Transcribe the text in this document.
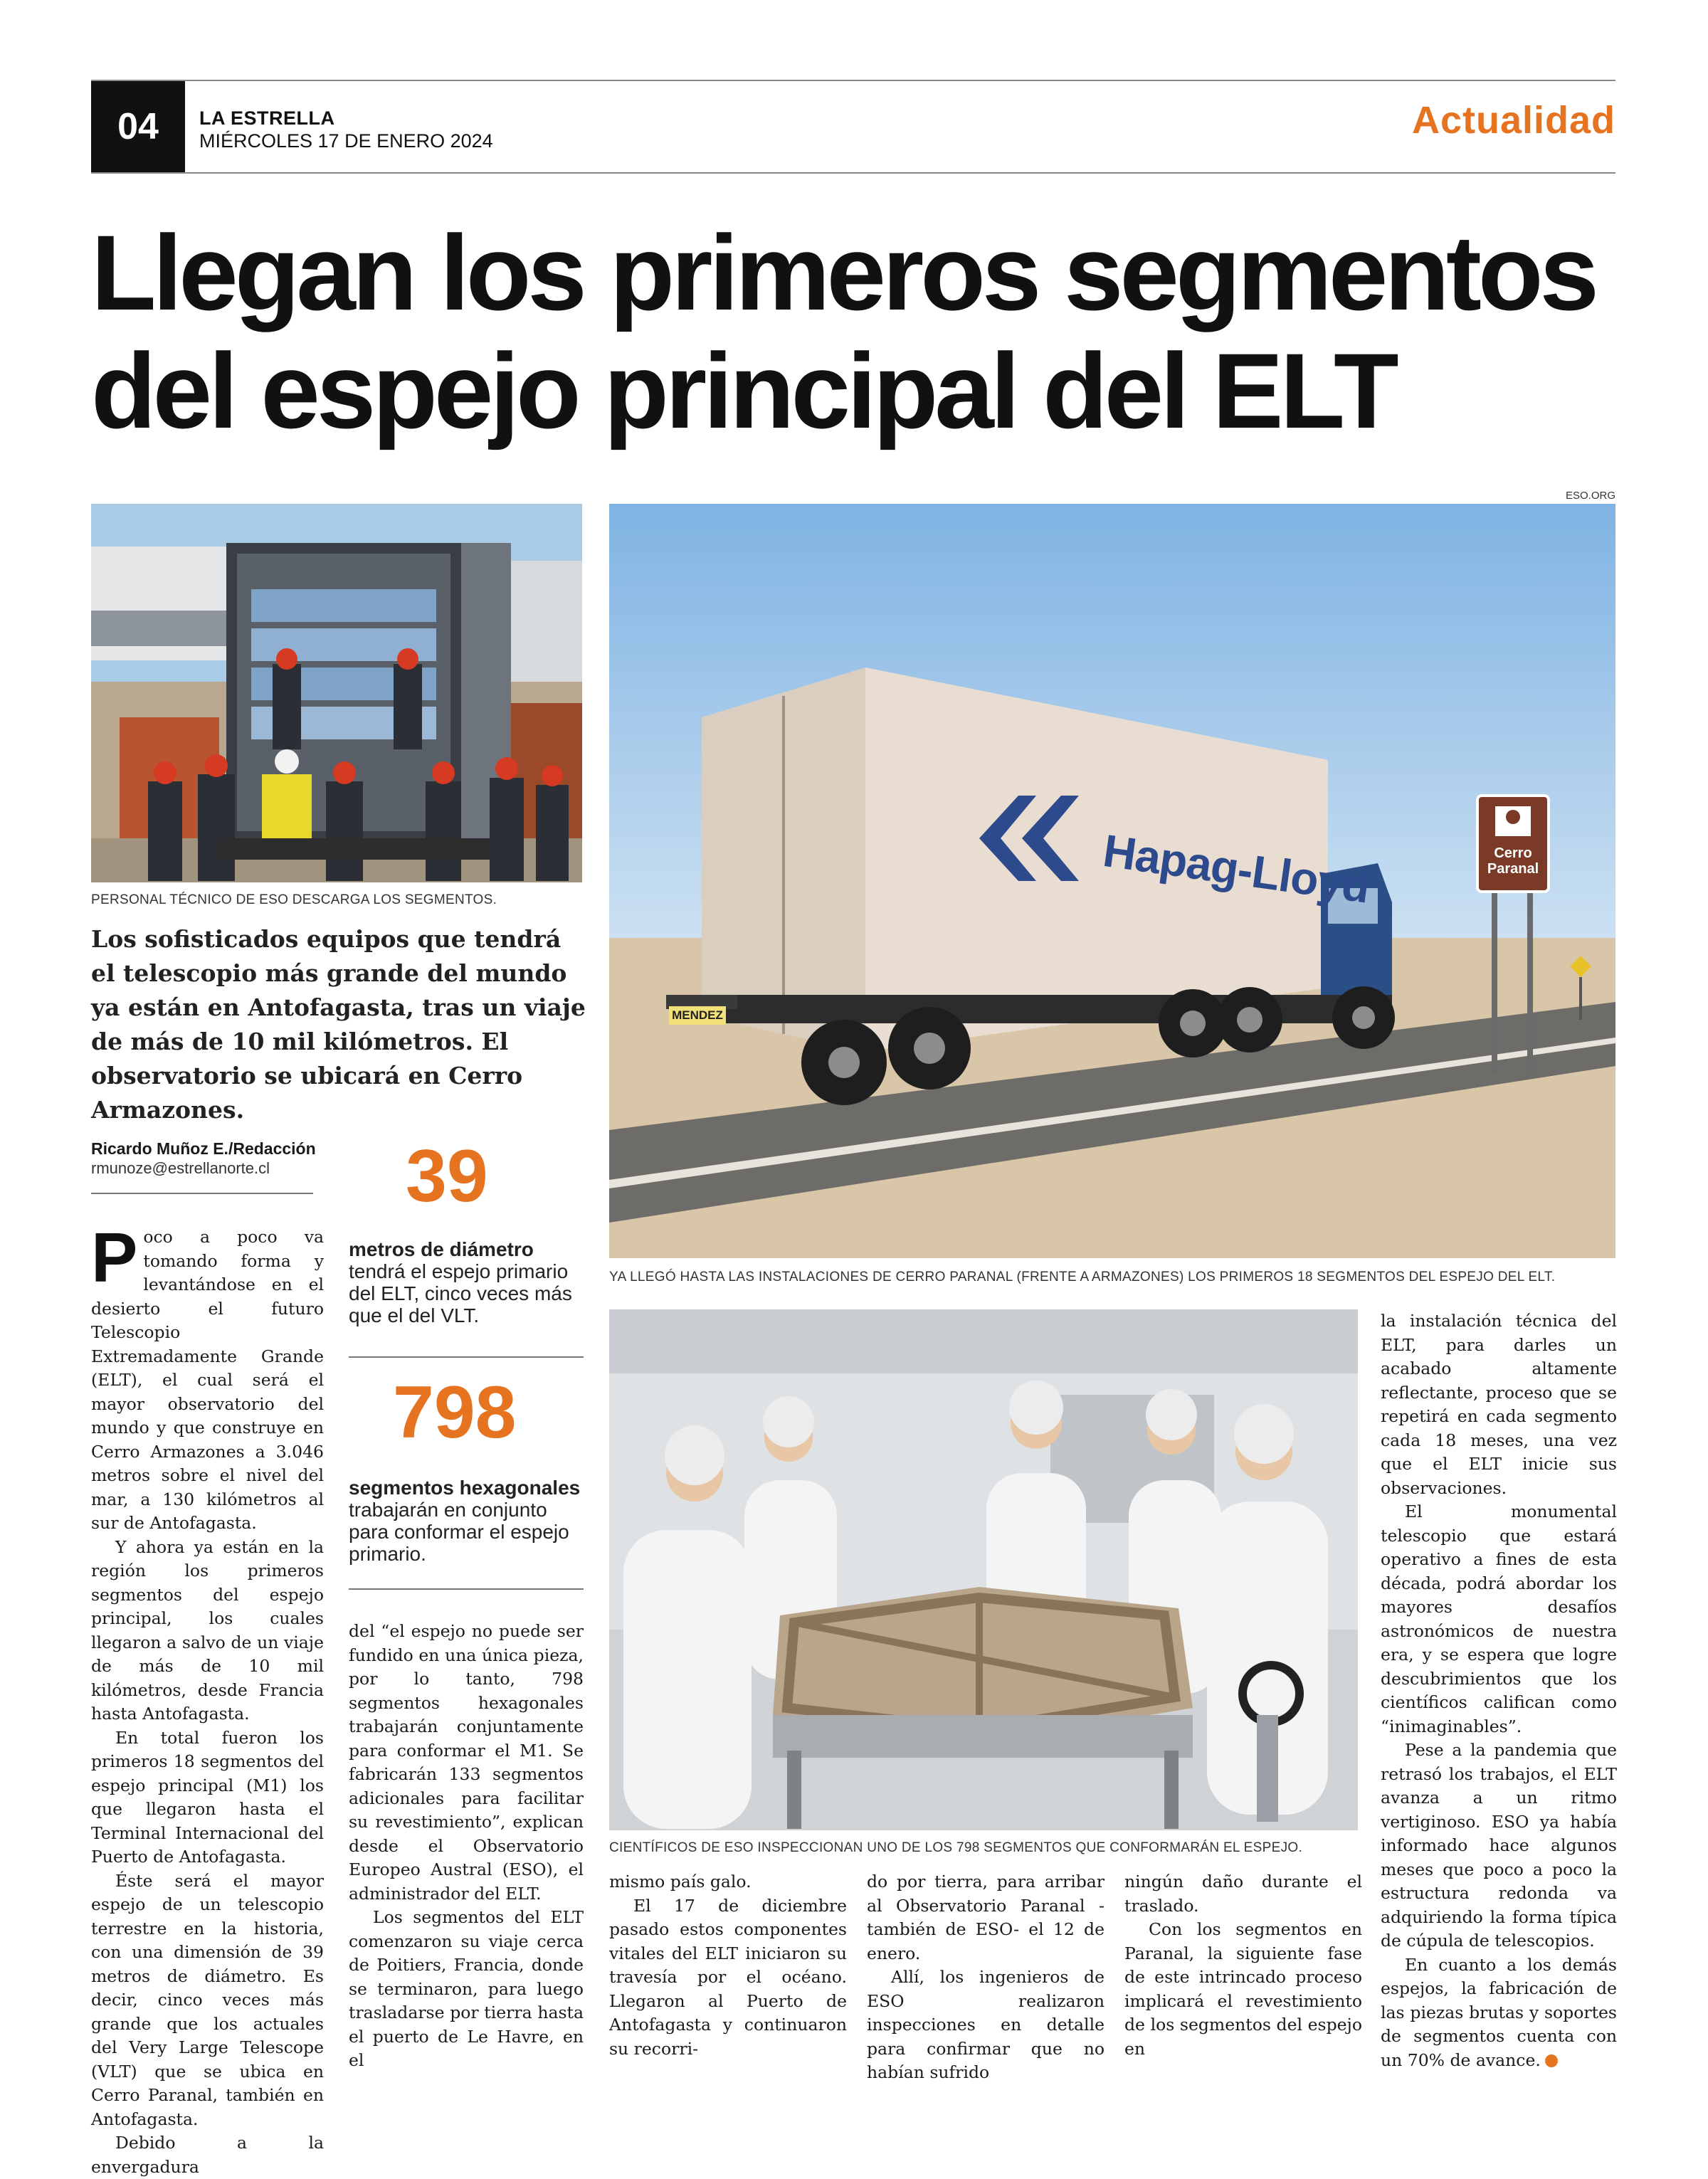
04	LA ESTRELLA
MIÉRCOLES 17 DE ENERO 2024	Actualidad
Llegan los primeros segmentos
del espejo principal del ELT
ESO.ORG
PERSONAL TÉCNICO DE ESO DESCARGA LOS SEGMENTOS.	Hapag-Lloyd
MENDEZ
Cerro
Paranal
YA LLEGÓ HASTA LAS INSTALACIONES DE CERRO PARANAL (FRENTE A ARMAZONES) LOS PRIMEROS 18 SEGMENTOS DEL ESPEJO DEL ELT.
Los sofisticados equipos que tendrá el telescopio más grande del mundo ya están en Antofagasta, tras un viaje de más de 10 mil kilómetros. El observatorio se ubicará en Cerro Armazones.
Ricardo Muñoz E./Redacción
rmunoze@estrellanorte.cl	39
metros de diámetro tendrá el espejo primario del ELT, cinco veces más que el del VLT.
798
segmentos hexagonales trabajarán en conjunto para conformar el espejo primario.

Poco a poco va tomando forma y levantándose en el desierto el futuro Telescopio Extremadamente Grande (ELT), el cual será el mayor observatorio del mundo y que construye en Cerro Armazones a 3.046 metros sobre el nivel del mar, a 130 kilómetros al sur de Antofagasta.

Y ahora ya están en la región los primeros segmentos del espejo principal, los cuales llegaron a salvo de un viaje de más de 10 mil kilómetros, desde Francia hasta Antofagasta.

En total fueron los primeros 18 segmentos del espejo principal (M1) los que llegaron hasta el Terminal Internacional del Puerto de Antofagasta.

Éste será el mayor espejo de un telescopio terrestre en la historia, con una dimensión de 39 metros de diámetro. Es decir, cinco veces más grande que los actuales del Very Large Telescope (VLT) que se ubica en Cerro Paranal, también en Antofagasta.

Debido a la envergadura

del “el espejo no puede ser fundido en una única pieza, por lo tanto, 798 segmentos hexagonales trabajarán conjuntamente para conformar el M1. Se fabricarán 133 segmentos adicionales para facilitar su revestimiento”, explican desde el Observatorio Europeo Austral (ESO), el administrador del ELT.

Los segmentos del ELT comenzaron su viaje cerca de Poitiers, Francia, donde se terminaron, para luego trasladarse por tierra hasta el puerto de Le Havre, en el

CIENTÍFICOS DE ESO INSPECCIONAN UNO DE LOS 798 SEGMENTOS QUE CONFORMARÁN EL ESPEJO.

mismo país galo.

El 17 de diciembre pasado estos componentes vitales del ELT iniciaron su travesía por el océano. Llegaron al Puerto de Antofagasta y continuaron su recorri-

do por tierra, para arribar al Observatorio Paranal -también de ESO- el 12 de enero.

Allí, los ingenieros de ESO realizaron inspecciones en detalle para confirmar que no habían sufrido

ningún daño durante el traslado.

Con los segmentos en Paranal, la siguiente fase de este intrincado proceso implicará el revestimiento de los segmentos del espejo en

la instalación técnica del ELT, para darles un acabado altamente reflectante, proceso que se repetirá en cada segmento cada 18 meses, una vez que el ELT inicie sus observaciones.

El monumental telescopio que estará operativo a fines de esta década, podrá abordar los mayores desafíos astronómicos de nuestra era, y se espera que logre descubrimientos que los científicos califican como “inimaginables”.

Pese a la pandemia que retrasó los trabajos, el ELT avanza a un ritmo vertiginoso. ESO ya había informado hace algunos meses que poco a poco la estructura redonda va adquiriendo la forma típica de cúpula de telescopios.

En cuanto a los demás espejos, la fabricación de las piezas brutas y soportes de segmentos cuenta con un 70% de avance.
